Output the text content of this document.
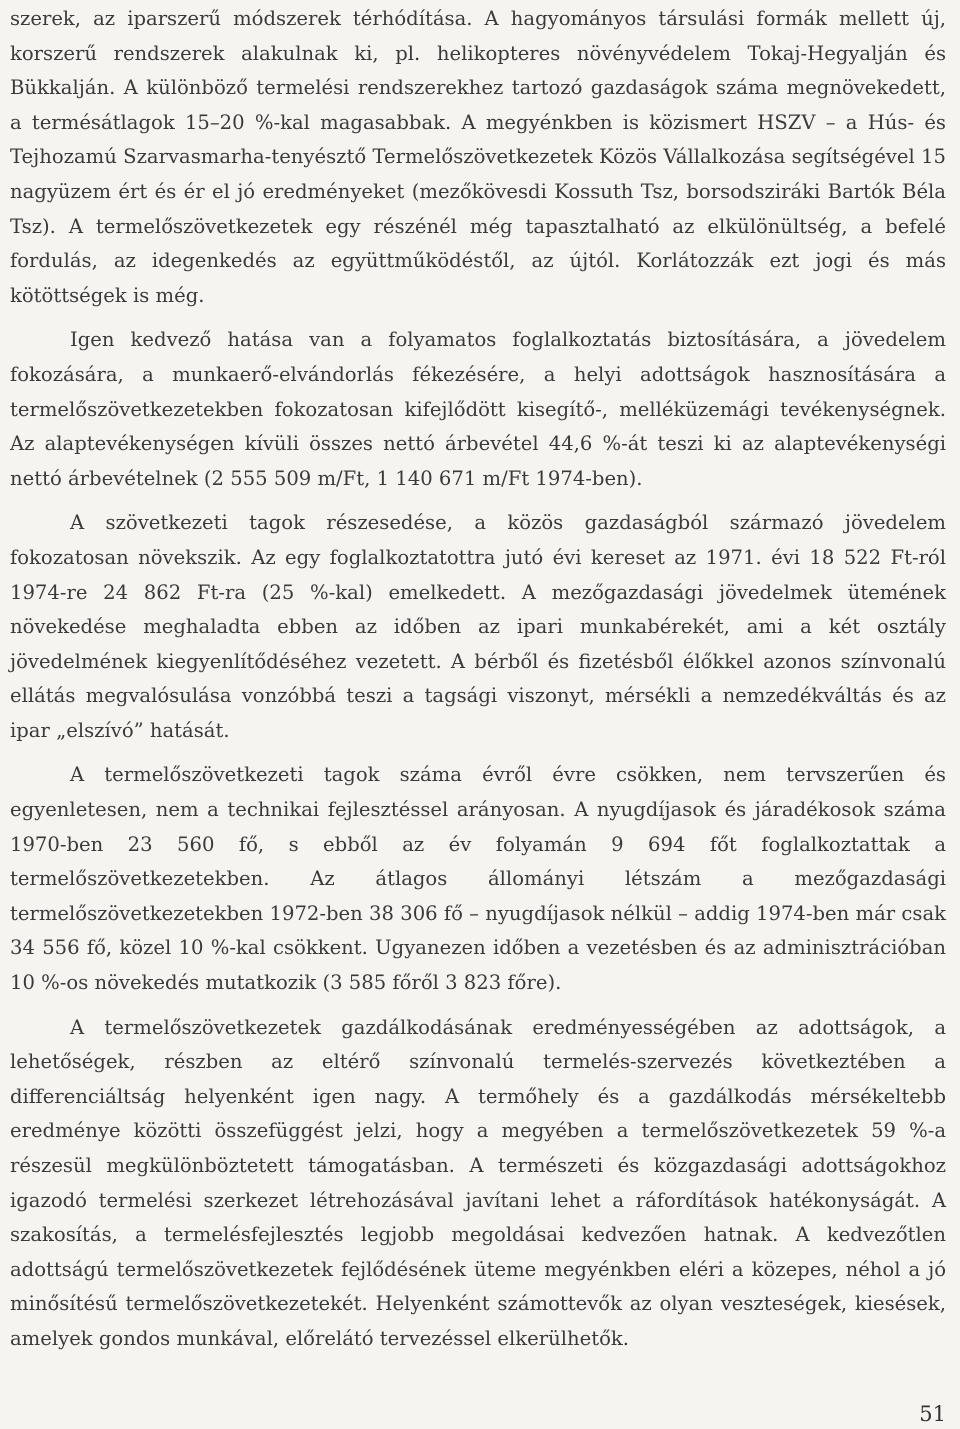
szerek, az iparszerű módszerek térhódítása. A hagyományos társulási formák mellett új, korszerű rendszerek alakulnak ki, pl. helikopteres növényvédelem Tokaj-Hegyalján és Bükkalján. A különböző termelési rendszerekhez tartozó gazdaságok száma megnövekedett, a termésátlagok 15–20 %-kal magasabbak. A megyénkben is közismert HSZV – a Hús- és Tejhozamú Szarvasmarha-tenyésztő Termelőszövetkezetek Közös Vállalkozása segítségével 15 nagyüzem ért és ér el jó eredményeket (mezőkövesdi Kossuth Tsz, borsodsziráki Bartók Béla Tsz). A termelőszövetkezetek egy részénél még tapasztalható az elkülönültség, a befelé fordulás, az idegenkedés az együttműködéstől, az újtól. Korlátozzák ezt jogi és más kötöttségek is még.

Igen kedvező hatása van a folyamatos foglalkoztatás biztosítására, a jövedelem fokozására, a munkaerő-elvándorlás fékezésére, a helyi adottságok hasznosítására a termelőszövetkezetekben fokozatosan kifejlődött kisegítő-, melléküzemági tevékenységnek. Az alaptevékenységen kívüli összes nettó árbevétel 44,6 %-át teszi ki az alaptevékenységi nettó árbevételnek (2 555 509 m/Ft, 1 140 671 m/Ft 1974-ben).

A szövetkezeti tagok részesedése, a közös gazdaságból származó jövedelem fokozatosan növekszik. Az egy foglalkoztatottra jutó évi kereset az 1971. évi 18 522 Ft-ról 1974-re 24 862 Ft-ra (25 %-kal) emelkedett. A mezőgazdasági jövedelmek ütemének növekedése meghaladta ebben az időben az ipari munkabérekét, ami a két osztály jövedelmének kiegyenlítődéséhez vezetett. A bérből és fizetésből élőkkel azonos színvonalú ellátás megvalósulása vonzóbbá teszi a tagsági viszonyt, mérsékli a nemzedékváltás és az ipar „elszívó” hatását.

A termelőszövetkezeti tagok száma évről évre csökken, nem tervszerűen és egyenletesen, nem a technikai fejlesztéssel arányosan. A nyugdíjasok és járadékosok száma 1970-ben 23 560 fő, s ebből az év folyamán 9 694 főt foglalkoztattak a termelőszövetkezetekben. Az átlagos állományi létszám a mezőgazdasági termelőszövetkezetekben 1972-ben 38 306 fő – nyugdíjasok nélkül – addig 1974-ben már csak 34 556 fő, közel 10 %-kal csökkent. Ugyanezen időben a vezetésben és az adminisztrációban 10 %-os növekedés mutatkozik (3 585 főről 3 823 főre).

A termelőszövetkezetek gazdálkodásának eredményességében az adottságok, a lehetőségek, részben az eltérő színvonalú termelés-szervezés következtében a differenciáltság helyenként igen nagy. A termőhely és a gazdálkodás mérsékeltebb eredménye közötti összefüggést jelzi, hogy a megyében a termelőszövetkezetek 59 %-a részesül megkülönböztetett támogatásban. A természeti és közgazdasági adottságokhoz igazodó termelési szerkezet létrehozásával javítani lehet a ráfordítások hatékonyságát. A szakosítás, a termelésfejlesztés legjobb megoldásai kedvezően hatnak. A kedvezőtlen adottságú termelőszövetkezetek fejlődésének üteme megyénkben eléri a közepes, néhol a jó minősítésű termelőszövetkezetekét. Helyenként számottevők az olyan veszteségek, kiesések, amelyek gondos munkával, előrelátó tervezéssel elkerülhetők.

51
